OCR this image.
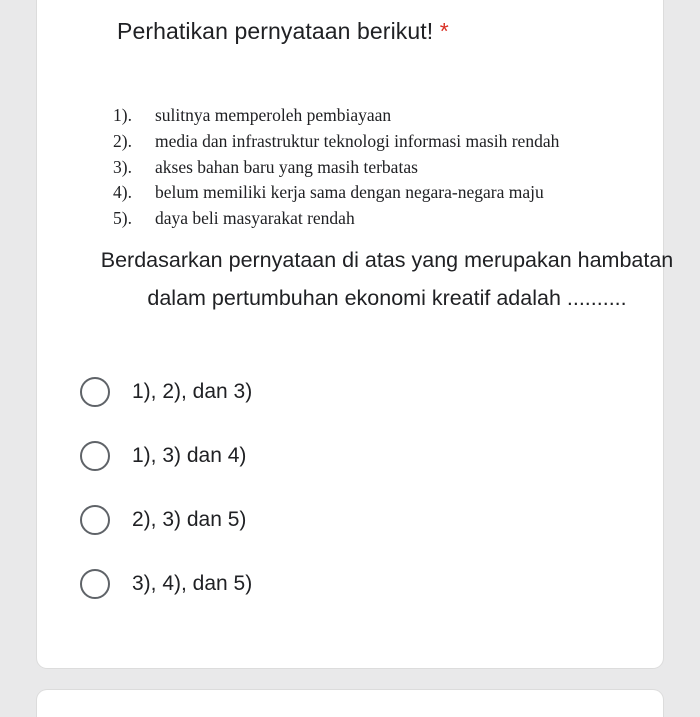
Perhatikan pernyataan berikut! *
1). sulitnya memperoleh pembiayaan
2). media dan infrastruktur teknologi informasi masih rendah
3). akses bahan baru yang masih terbatas
4). belum memiliki kerja sama dengan negara-negara maju
5). daya beli masyarakat rendah
Berdasarkan pernyataan di atas yang merupakan hambatan dalam pertumbuhan ekonomi kreatif adalah ..........
1), 2), dan 3)
1), 3) dan 4)
2), 3) dan 5)
3), 4), dan 5)
